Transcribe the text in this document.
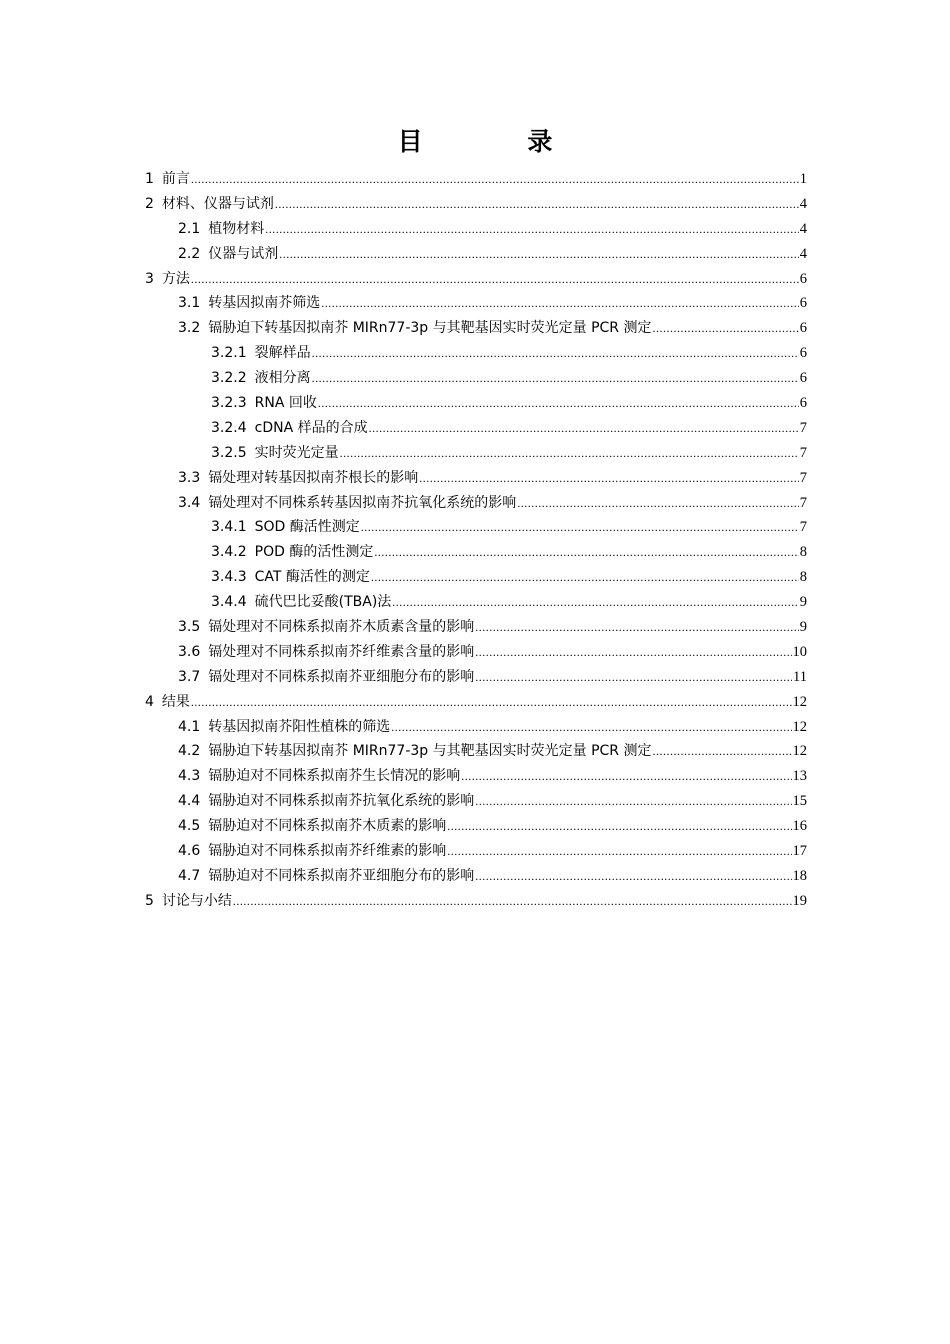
目 录
1 前言 .....	1
2 材料、仪器与试剂 .....	4
2.1 植物材料 .....	4
2.2 仪器与试剂 .....	4
3 方法 .....	6
3.1 转基因拟南芥筛选 .....	6
3.2 镉胁迫下转基因拟南芥 MIRn77-3p 与其靶基因实时荧光定量 PCR 测定 .....	6
3.2.1 裂解样品 .....	6
3.2.2 液相分离 .....	6
3.2.3 RNA 回收 .....	6
3.2.4 cDNA 样品的合成 .....	7
3.2.5 实时荧光定量 .....	7
3.3 镉处理对转基因拟南芥根长的影响 .....	7
3.4 镉处理对不同株系转基因拟南芥抗氧化系统的影响 .....	7
3.4.1 SOD 酶活性测定 .....	7
3.4.2 POD 酶的活性测定 .....	8
3.4.3 CAT 酶活性的测定 .....	8
3.4.4 硫代巴比妥酸(TBA)法 .....	9
3.5 镉处理对不同株系拟南芥木质素含量的影响 .....	9
3.6 镉处理对不同株系拟南芥纤维素含量的影响 .....	10
3.7 镉处理对不同株系拟南芥亚细胞分布的影响 .....	11
4 结果 .....	12
4.1 转基因拟南芥阳性植株的筛选 .....	12
4.2 镉胁迫下转基因拟南芥 MIRn77-3p 与其靶基因实时荧光定量 PCR 测定 .....	12
4.3 镉胁迫对不同株系拟南芥生长情况的影响 .....	13
4.4 镉胁迫对不同株系拟南芥抗氧化系统的影响 .....	15
4.5 镉胁迫对不同株系拟南芥木质素的影响 .....	16
4.6 镉胁迫对不同株系拟南芥纤维素的影响 .....	17
4.7 镉胁迫对不同株系拟南芥亚细胞分布的影响 .....	18
5 讨论与小结 .....	19
